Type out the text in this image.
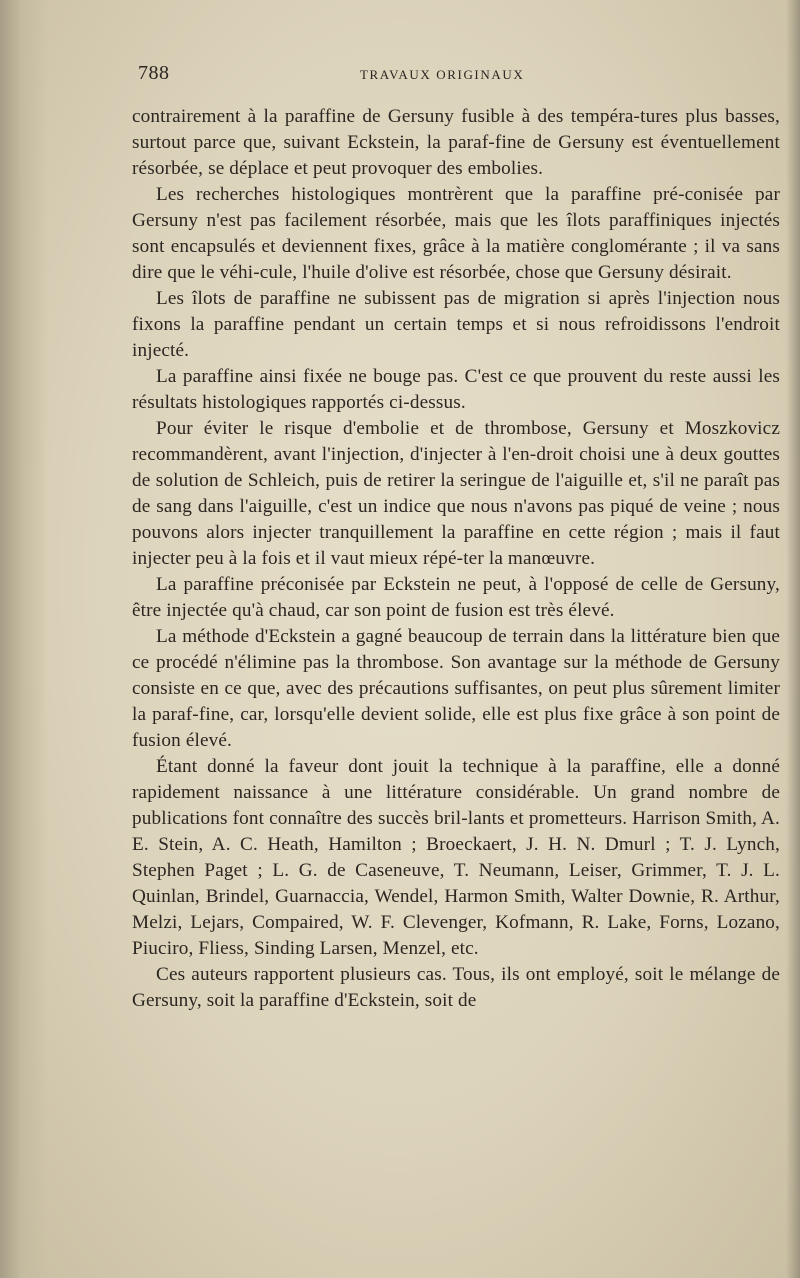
788	TRAVAUX ORIGINAUX

contrairement à la paraffine de Gersuny fusible à des tempéra-tures plus basses, surtout parce que, suivant Eckstein, la paraf-fine de Gersuny est éventuellement résorbée, se déplace et peut provoquer des embolies.

Les recherches histologiques montrèrent que la paraffine pré-conisée par Gersuny n'est pas facilement résorbée, mais que les îlots paraffiniques injectés sont encapsulés et deviennent fixes, grâce à la matière conglomérante ; il va sans dire que le véhi-cule, l'huile d'olive est résorbée, chose que Gersuny désirait.

Les îlots de paraffine ne subissent pas de migration si après l'injection nous fixons la paraffine pendant un certain temps et si nous refroidissons l'endroit injecté.

La paraffine ainsi fixée ne bouge pas. C'est ce que prouvent du reste aussi les résultats histologiques rapportés ci-dessus.

Pour éviter le risque d'embolie et de thrombose, Gersuny et Moszkovicz recommandèrent, avant l'injection, d'injecter à l'en-droit choisi une à deux gouttes de solution de Schleich, puis de retirer la seringue de l'aiguille et, s'il ne paraît pas de sang dans l'aiguille, c'est un indice que nous n'avons pas piqué de veine ; nous pouvons alors injecter tranquillement la paraffine en cette région ; mais il faut injecter peu à la fois et il vaut mieux répé-ter la manœuvre.

La paraffine préconisée par Eckstein ne peut, à l'opposé de celle de Gersuny, être injectée qu'à chaud, car son point de fusion est très élevé.

La méthode d'Eckstein a gagné beaucoup de terrain dans la littérature bien que ce procédé n'élimine pas la thrombose. Son avantage sur la méthode de Gersuny consiste en ce que, avec des précautions suffisantes, on peut plus sûrement limiter la paraf-fine, car, lorsqu'elle devient solide, elle est plus fixe grâce à son point de fusion élevé.

Étant donné la faveur dont jouit la technique à la paraffine, elle a donné rapidement naissance à une littérature considérable. Un grand nombre de publications font connaître des succès bril-lants et prometteurs. Harrison Smith, A. E. Stein, A. C. Heath, Hamilton ; Broeckaert, J. H. N. Dmurl ; T. J. Lynch, Stephen Paget ; L. G. de Caseneuve, T. Neumann, Leiser, Grimmer, T. J. L. Quinlan, Brindel, Guarnaccia, Wendel, Harmon Smith, Walter Downie, R. Arthur, Melzi, Lejars, Compaired, W. F. Clevenger, Kofmann, R. Lake, Forns, Lozano, Piuciro, Fliess, Sinding Larsen, Menzel, etc.

Ces auteurs rapportent plusieurs cas. Tous, ils ont employé, soit le mélange de Gersuny, soit la paraffine d'Eckstein, soit de
